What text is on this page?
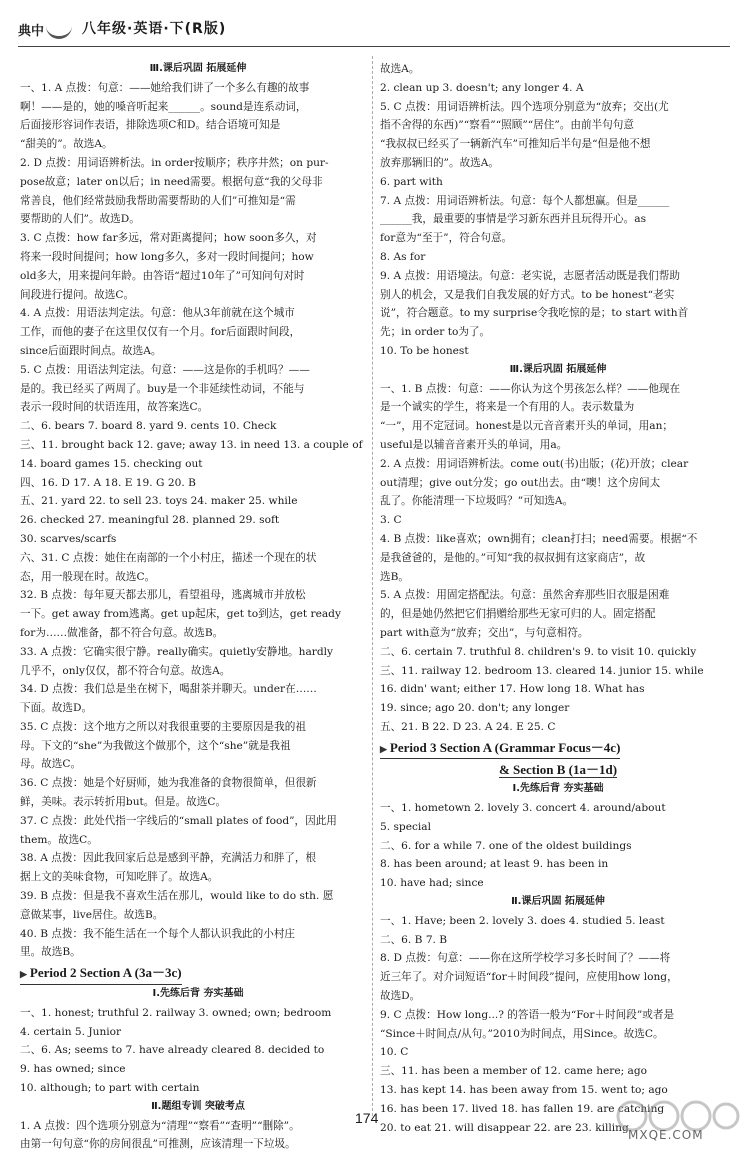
典中	八年级·英语·下(R版)

Ⅲ.课后巩固 拓展延伸

一、1. A 点拨：句意：——她给我们讲了一个多么有趣的故事

啊！——是的，她的嗓音听起来______。sound是连系动词，

后面接形容词作表语，排除选项C和D。结合语境可知是

“甜美的”。故选A。

2. D 点拨：用词语辨析法。in order按顺序；秩序井然；on pur-

pose故意；later on以后；in need需要。根据句意“我的父母非

常善良，他们经常鼓励我帮助需要帮助的人们”可推知是“需

要帮助的人们”。故选D。

3. C 点拨：how far多远，常对距离提问；how soon多久，对

将来一段时间提问；how long多久，多对一段时间提问；how

old多大，用来提问年龄。由答语“超过10年了”可知问句对时

间段进行提问。故选C。

4. A 点拨：用语法判定法。句意：他从3年前就在这个城市

工作，而他的妻子在这里仅仅有一个月。for后面跟时间段，

since后面跟时间点。故选A。

5. C 点拨：用语法判定法。句意：——这是你的手机吗？——

是的。我已经买了两周了。buy是一个非延续性动词，不能与

表示一段时间的状语连用，故答案选C。

二、6. bears 7. board 8. yard 9. cents 10. Check

三、11. brought back 12. gave; away 13. in need 13. a couple of

14. board games 15. checking out

四、16. D 17. A 18. E 19. G 20. B

五、21. yard 22. to sell 23. toys 24. maker 25. while

26. checked 27. meaningful 28. planned 29. soft

30. scarves/scarfs

六、31. C 点拨：她住在南部的一个小村庄，描述一个现在的状

态，用一般现在时。故选C。

32. B 点拨：每年夏天都去那儿，看望祖母，逃离城市并放松

一下。get away from逃离。get up起床，get to到达，get ready

for为……做准备，都不符合句意。故选B。

33. A 点拨：它确实很宁静。really确实。quietly安静地。hardly

几乎不，only仅仅，都不符合句意。故选A。

34. D 点拨：我们总是坐在树下，喝甜茶并聊天。under在……

下面。故选D。

35. C 点拨：这个地方之所以对我很重要的主要原因是我的祖

母。下文的“she”为我做这个做那个，这个“she”就是我祖

母。故选C。

36. C 点拨：她是个好厨师，她为我准备的食物很简单，但很新

鲜，美味。表示转折用but。但是。故选C。

37. C 点拨：此处代指一字线后的“small plates of food”，因此用

them。故选C。

38. A 点拨：因此我回家后总是感到平静，充满活力和胖了，根

据上文的美味食物，可知吃胖了。故选A。

39. B 点拨：但是我不喜欢生活在那儿，would like to do sth. 愿

意做某事，live居住。故选B。

40. B 点拨：我不能生活在一个每个人都认识我此的小村庄

里。故选B。

▶ Period 2 Section A (3a－3c)

Ⅰ.先练后背 夯实基础

一、1. honest; truthful 2. railway 3. owned; own; bedroom

4. certain 5. Junior

二、6. As; seems to 7. have already cleared 8. decided to

9. has owned; since

10. although; to part with certain

Ⅱ.题组专训 突破考点

1. A 点拨：四个选项分别意为“清理”“察看”“查明”“删除”。

由第一句句意“你的房间很乱”可推测，应该清理一下垃圾。

故选A。

2. clean up 3. doesn't; any longer 4. A

5. C 点拨：用词语辨析法。四个选项分别意为“放弃；交出(尤

指不舍得的东西)”“察看”“照顾”“居住”。由前半句句意

“我叔叔已经买了一辆新汽车”可推知后半句是“但是他不想

放弃那辆旧的”。故选A。

6. part with

7. A 点拨：用词语辨析法。句意：每个人都想赢。但是______

______我，最重要的事情是学习新东西并且玩得开心。as

for意为“至于”，符合句意。

8. As for

9. A 点拨：用语境法。句意：老实说，志愿者活动既是我们帮助

别人的机会，又是我们自我发展的好方式。to be honest“老实

说”，符合题意。to my surprise令我吃惊的是；to start with首

先；in order to为了。

10. To be honest

Ⅲ.课后巩固 拓展延伸

一、1. B 点拨：句意：——你认为这个男孩怎么样？——他现在

是一个诚实的学生，将来是一个有用的人。表示数量为

“一”，用不定冠词。honest是以元音音素开头的单词，用an；

useful是以辅音音素开头的单词，用a。

2. A 点拨：用词语辨析法。come out(书)出版；(花)开放；clear

out清理；give out分发；go out出去。由“噢！这个房间太

乱了。你能清理一下垃圾吗？”可知选A。

3. C

4. B 点拨：like喜欢；own拥有；clean打扫；need需要。根据“不

是我爸爸的，是他的。”可知“我的叔叔拥有这家商店”，故

选B。

5. A 点拨：用固定搭配法。句意：虽然舍弃那些旧衣服是困难

的，但是她仍然把它们捐赠给那些无家可归的人。固定搭配

part with意为“放弃；交出”，与句意相符。

二、6. certain 7. truthful 8. children's 9. to visit 10. quickly

三、11. railway 12. bedroom 13. cleared 14. junior 15. while

16. didn' want; either 17. How long 18. What has

19. since; ago 20. don't; any longer

五、21. B 22. D 23. A 24. E 25. C

▶ Period 3 Section A (Grammar Focus－4c)

& Section B (1a－1d)

Ⅰ.先练后背 夯实基础

一、1. hometown 2. lovely 3. concert 4. around/about

5. special

二、6. for a while 7. one of the oldest buildings

8. has been around; at least 9. has been in

10. have had; since

Ⅱ.课后巩固 拓展延伸

一、1. Have; been 2. lovely 3. does 4. studied 5. least

二、6. B 7. B

8. D 点拨：句意：——你在这所学校学习多长时间了？——将

近三年了。对介词短语“for＋时间段”提问，应使用how long，

故选D。

9. C 点拨：How long...? 的答语一般为“For＋时间段”或者是

“Since＋时间点/从句。”2010为时间点，用Since。故选C。

10. C

三、11. has been a member of 12. came here; ago

13. has kept 14. has been away from 15. went to; ago

16. has been 17. lived 18. has fallen 19. are catching

20. to eat 21. will disappear 22. are 23. killing

174
MXQE.COM
